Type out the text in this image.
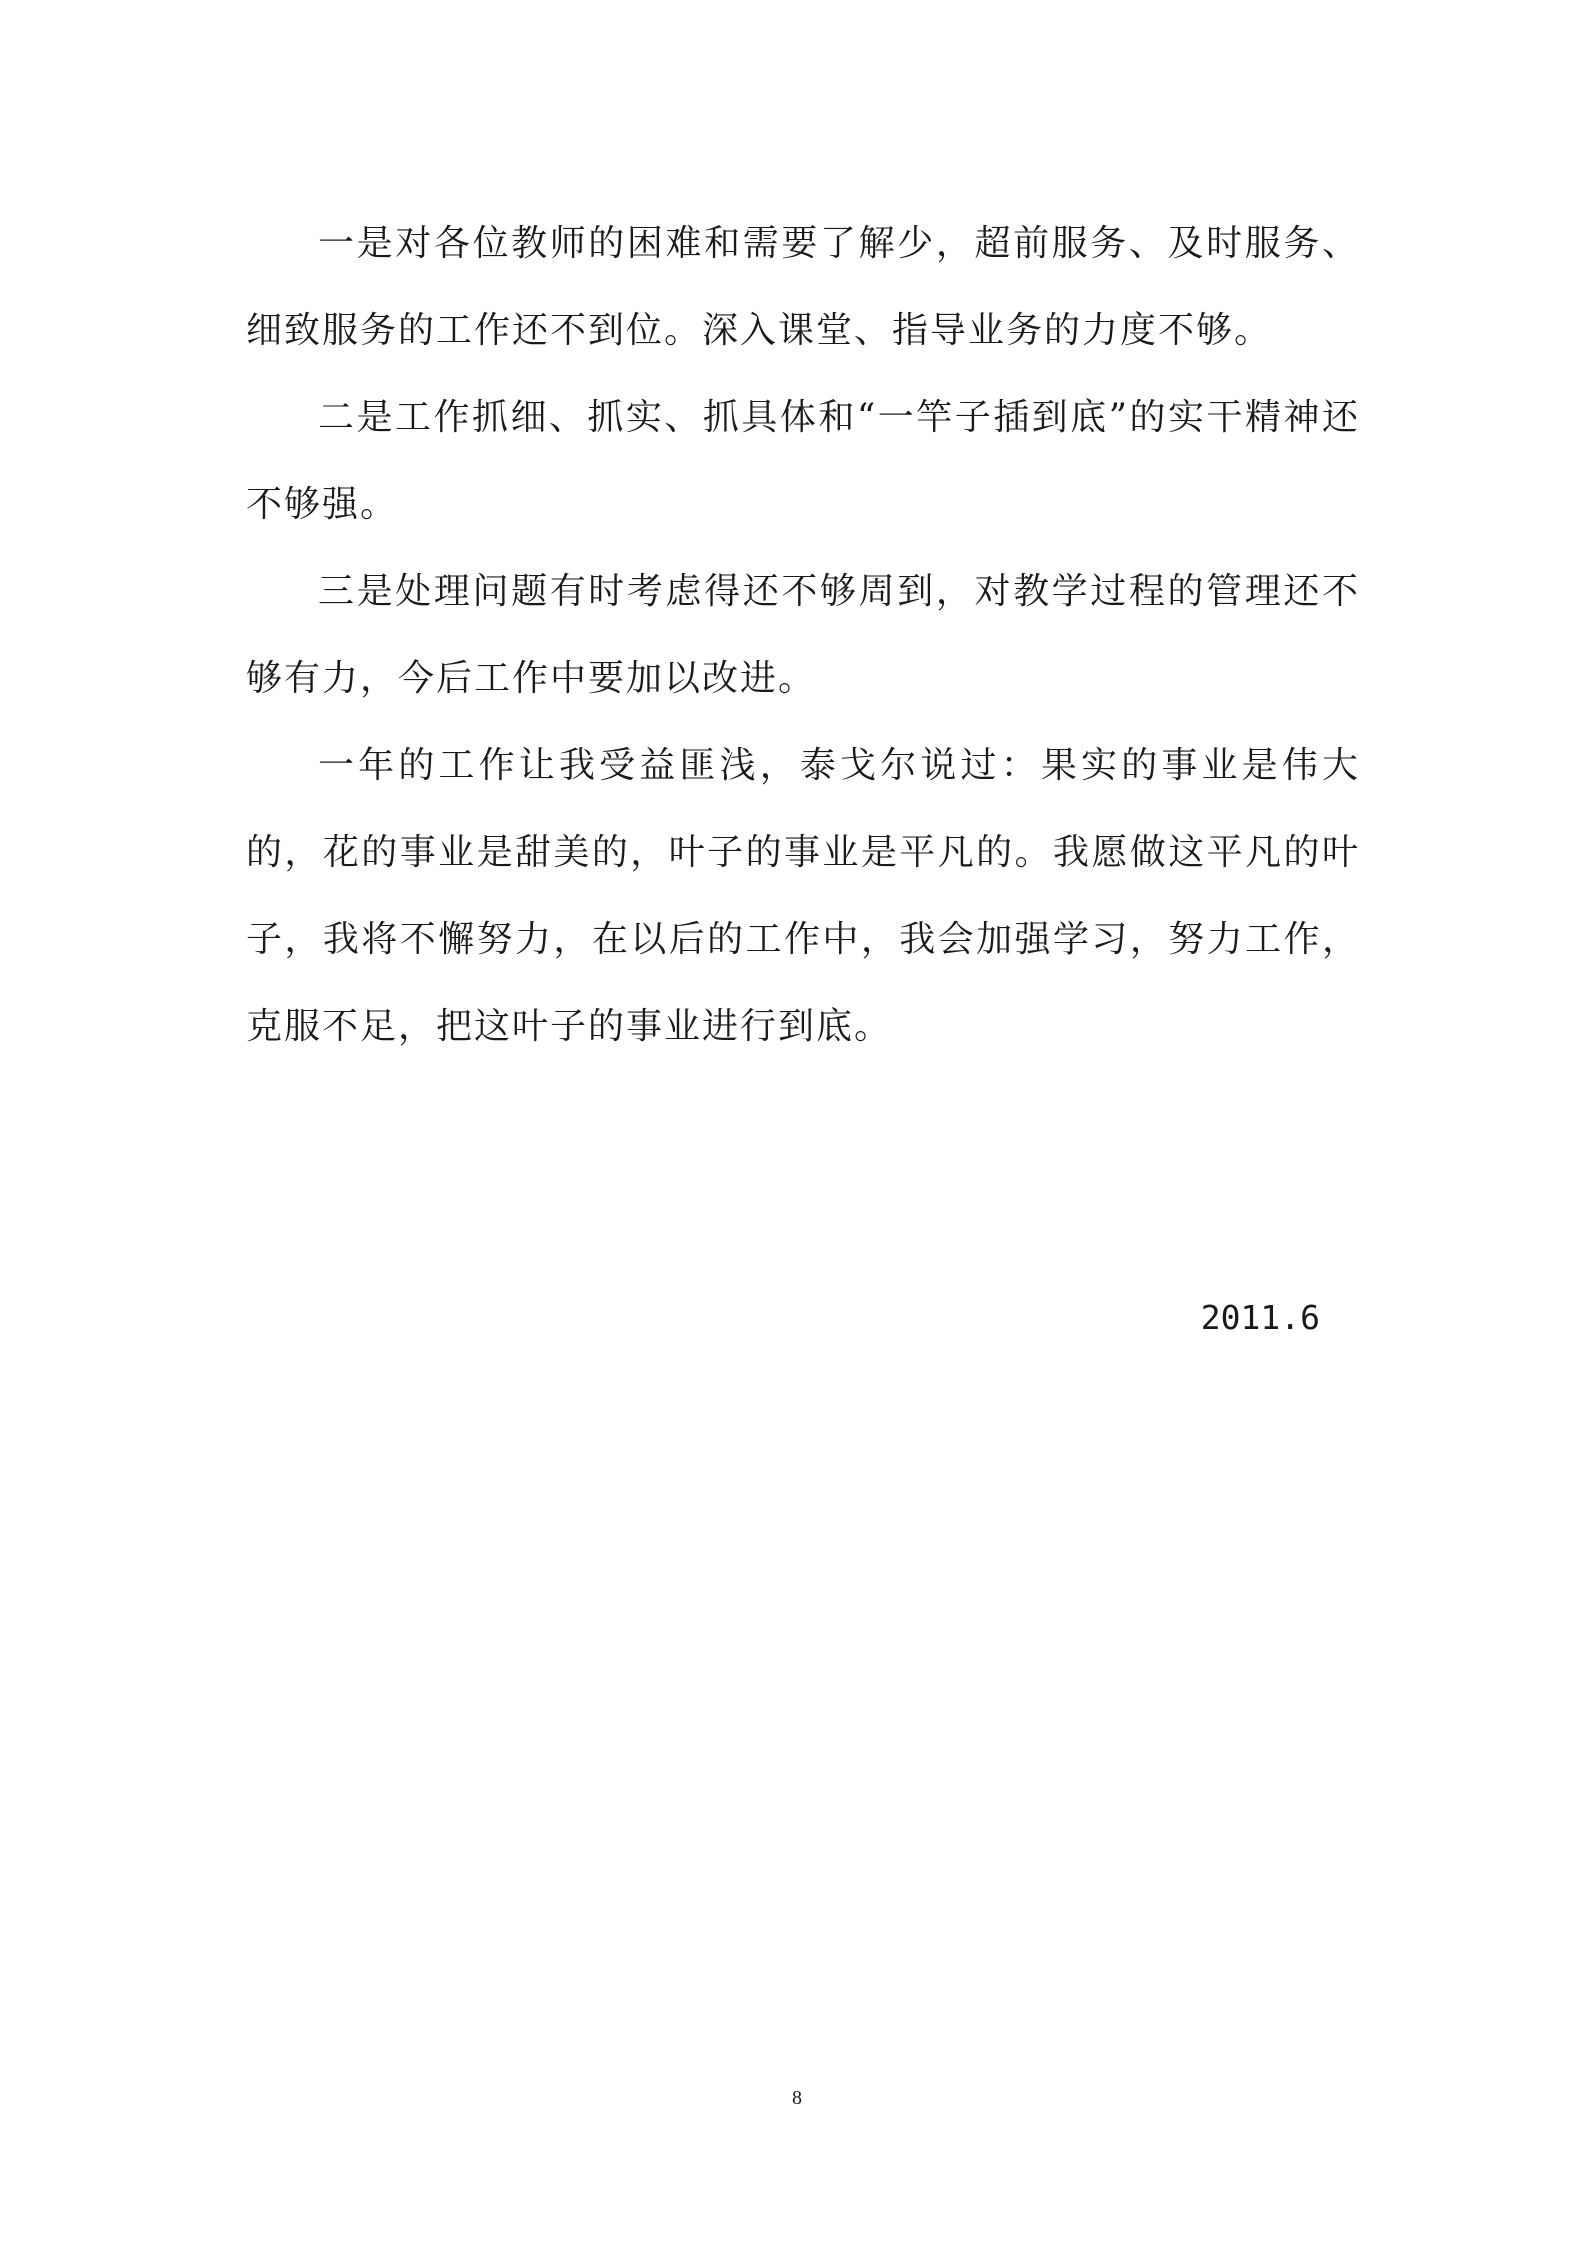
一是对各位教师的困难和需要了解少，超前服务、及时服务、细致服务的工作还不到位。深入课堂、指导业务的力度不够。

二是工作抓细、抓实、抓具体和“一竿子插到底”的实干精神还不够强。

三是处理问题有时考虑得还不够周到，对教学过程的管理还不够有力，今后工作中要加以改进。

一年的工作让我受益匪浅，泰戈尔说过：果实的事业是伟大的，花的事业是甜美的，叶子的事业是平凡的。我愿做这平凡的叶子，我将不懈努力，在以后的工作中，我会加强学习，努力工作，克服不足，把这叶子的事业进行到底。

2011.6
8
